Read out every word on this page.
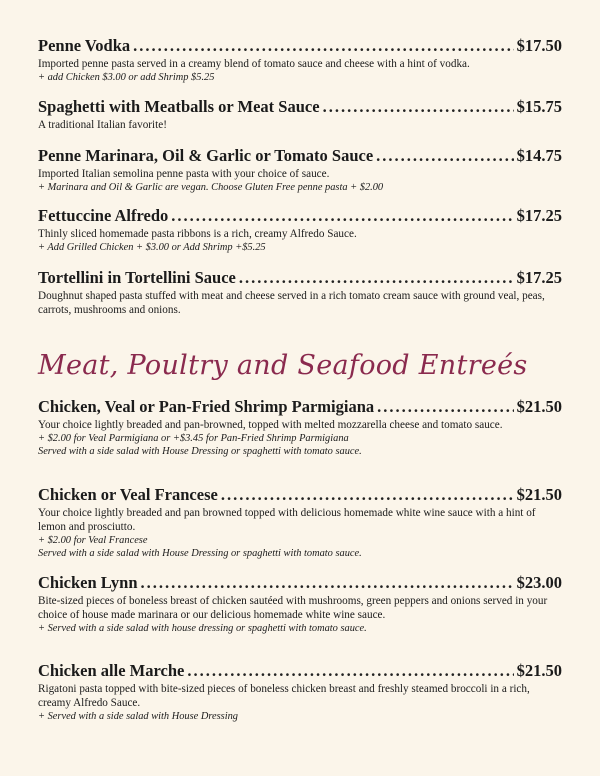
Penne Vodka .....	$17.50
Imported penne pasta served in a creamy blend of tomato sauce and cheese with a hint of vodka.
+ add Chicken $3.00 or add Shrimp $5.25
Spaghetti with Meatballs or Meat Sauce .....	$15.75
A traditional Italian favorite!
Penne Marinara, Oil & Garlic or Tomato Sauce .....	$14.75
Imported Italian semolina penne pasta with your choice of sauce.
+ Marinara and Oil & Garlic are vegan. Choose Gluten Free penne pasta + $2.00
Fettuccine Alfredo .....	$17.25
Thinly sliced homemade pasta ribbons is a rich, creamy Alfredo Sauce.
+ Add Grilled Chicken + $3.00 or Add Shrimp +$5.25
Tortellini in Tortellini Sauce .....	$17.25
Doughnut shaped pasta stuffed with meat and cheese served in a rich tomato cream sauce with ground veal, peas, carrots, mushrooms and onions.
Meat, Poultry and Seafood Entreés
Chicken, Veal or Pan-Fried Shrimp Parmigiana .....	$21.50
Your choice lightly breaded and pan-browned, topped with melted mozzarella cheese and tomato sauce.
+ $2.00 for Veal Parmigiana or +$3.45 for Pan-Fried Shrimp Parmigiana
Served with a side salad with House Dressing or spaghetti with tomato sauce.
Chicken or Veal Francese .....	$21.50
Your choice lightly breaded and pan browned topped with delicious homemade white wine sauce with a hint of lemon and prosciutto.
+ $2.00 for Veal Francese
Served with a side salad with House Dressing or spaghetti with tomato sauce.
Chicken Lynn .....	$23.00
Bite-sized pieces of boneless breast of chicken sautéed with mushrooms, green peppers and onions served in your choice of house made marinara or our delicious homemade white wine sauce.
+ Served with a side salad with house dressing or spaghetti with tomato sauce.
Chicken alle Marche .....	$21.50
Rigatoni pasta topped with bite-sized pieces of boneless chicken breast and freshly steamed broccoli in a rich, creamy Alfredo Sauce.
+ Served with a side salad with House Dressing
